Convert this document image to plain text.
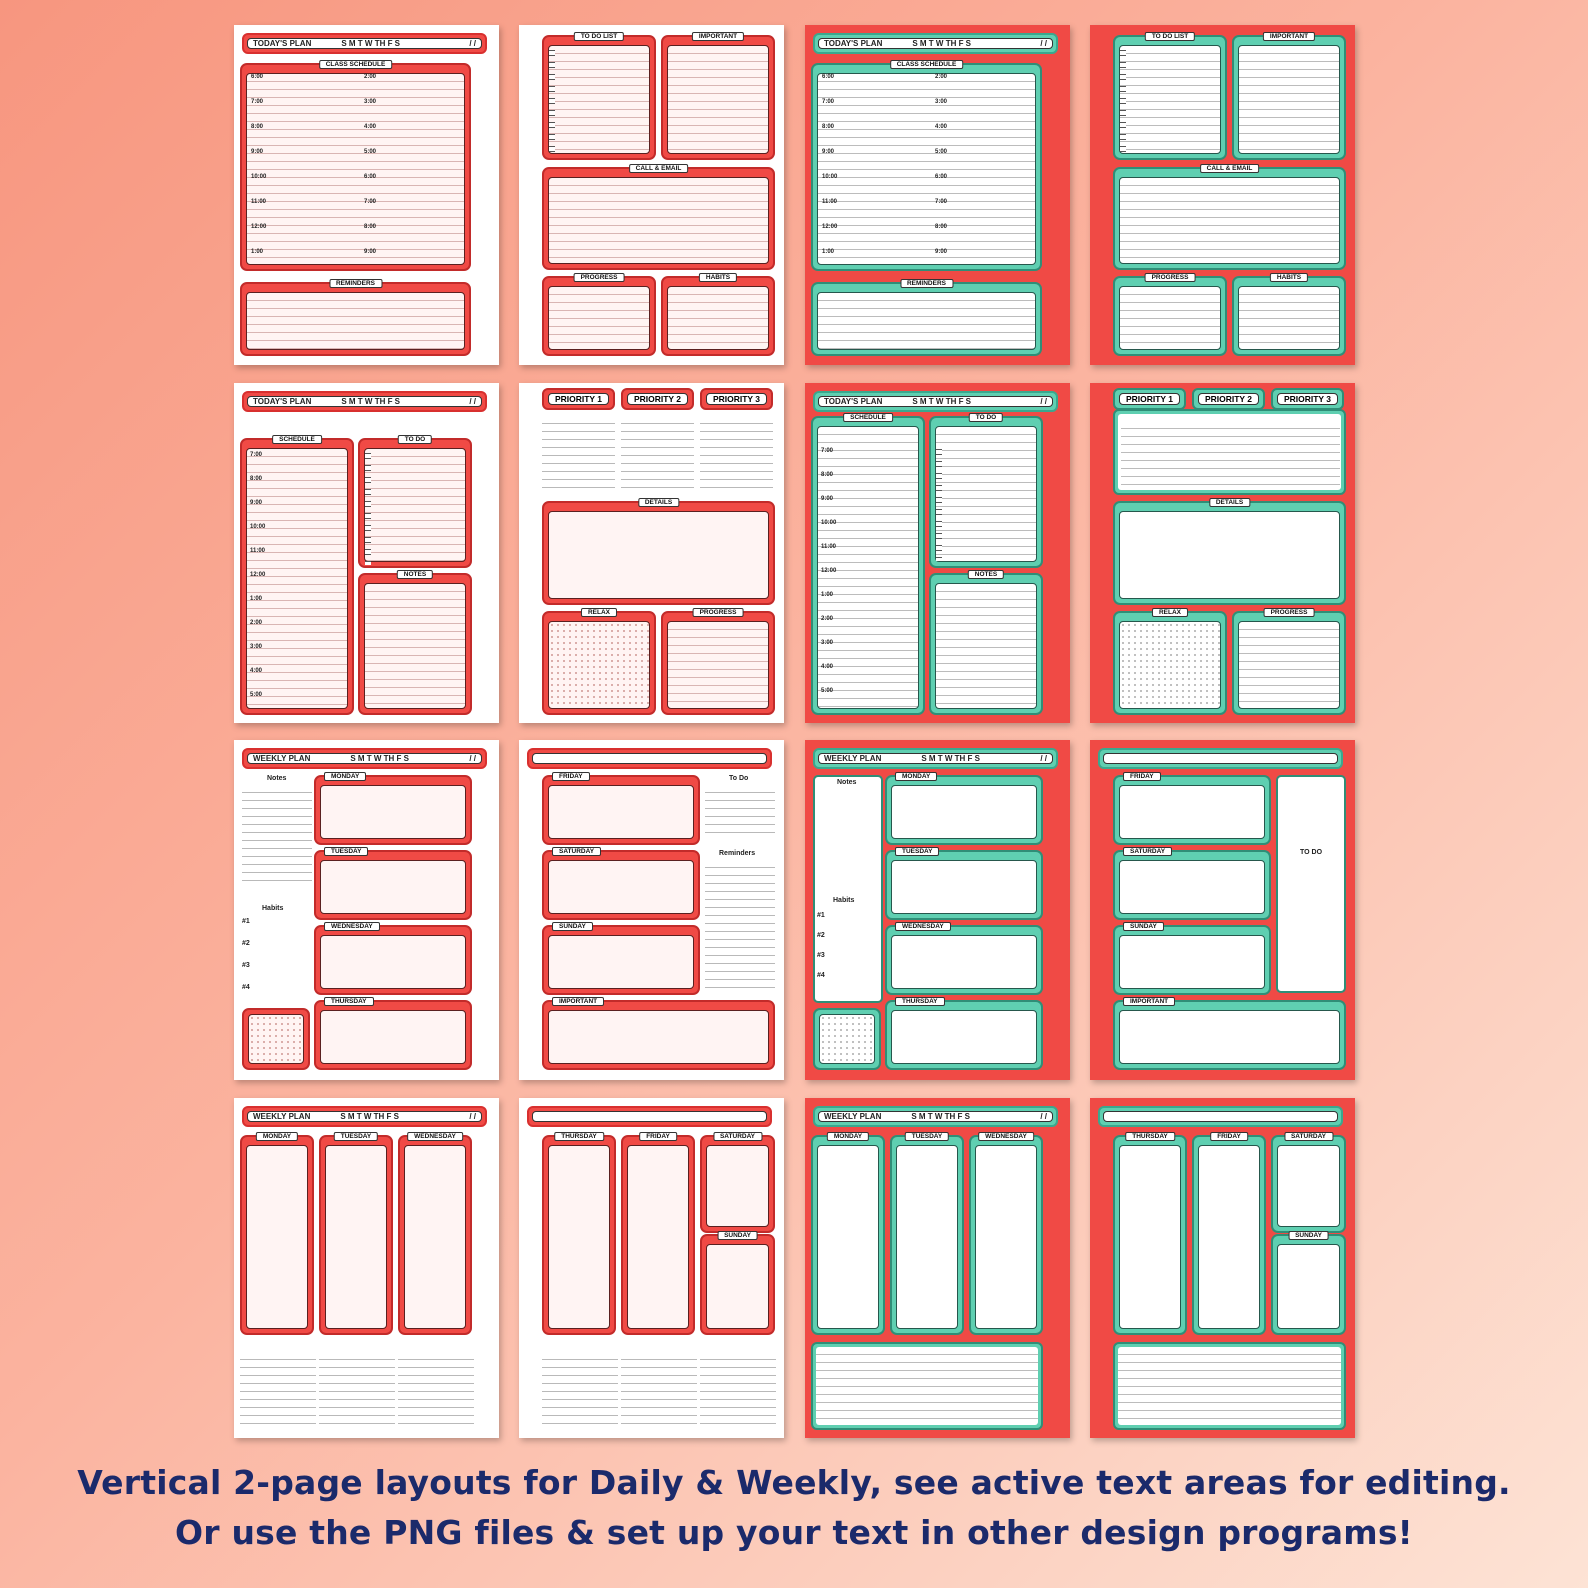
TODAY'S PLAN	S M T W TH F S	/ /
CLASS SCHEDULE
6:00
7:00
8:00
9:00
10:00
11:00
12:00
1:00
2:00
3:00
4:00
5:00
6:00
7:00
8:00
9:00
REMINDERS
TO DO LIST	IMPORTANT
CALL & EMAIL
PROGRESS	HABITS
TODAY'S PLAN	S M T W TH F S	/ /
CLASS SCHEDULE
6:00
7:00
8:00
9:00
10:00
11:00
12:00
1:00
2:00
3:00
4:00
5:00
6:00
7:00
8:00
9:00
REMINDERS
TO DO LIST	IMPORTANT
CALL & EMAIL
PROGRESS	HABITS
TODAY'S PLAN	S M T W TH F S	/ /
SCHEDULE
7:00
8:00
9:00
10:00
11:00
12:00
1:00
2:00
3:00
4:00
5:00
TO DO
NOTES
PRIORITY 1	PRIORITY 2	PRIORITY 3
DETAILS
RELAX	PROGRESS
TODAY'S PLAN	S M T W TH F S	/ /
SCHEDULE
7:00
8:00
9:00
10:00
11:00
12:00
1:00
2:00
3:00
4:00
5:00
TO DO
NOTES
PRIORITY 1	PRIORITY 2	PRIORITY 3
DETAILS
RELAX	PROGRESS
WEEKLY PLAN	S M T W TH F S	/ /
Notes
Habits
#1
#2
#3
#4
MONDAY
TUESDAY
WEDNESDAY
THURSDAY
FRIDAY
SATURDAY
SUNDAY
To Do
Reminders
IMPORTANT
WEEKLY PLAN	S M T W TH F S	/ /
Notes
Habits
#1
#2
#3
#4
MONDAY
TUESDAY
WEDNESDAY
THURSDAY
FRIDAY
SATURDAY
SUNDAY
TO DO
IMPORTANT
WEEKLY PLAN	S M T W TH F S	/ /
MONDAY	TUESDAY	WEDNESDAY	THURSDAY	FRIDAY	SATURDAY
SUNDAY
WEEKLY PLAN	S M T W TH F S	/ /
MONDAY	TUESDAY	WEDNESDAY	THURSDAY	FRIDAY	SATURDAY
SUNDAY
Vertical 2-page layouts for Daily & Weekly, see active text areas for editing.
Or use the PNG files & set up your text in other design programs!
